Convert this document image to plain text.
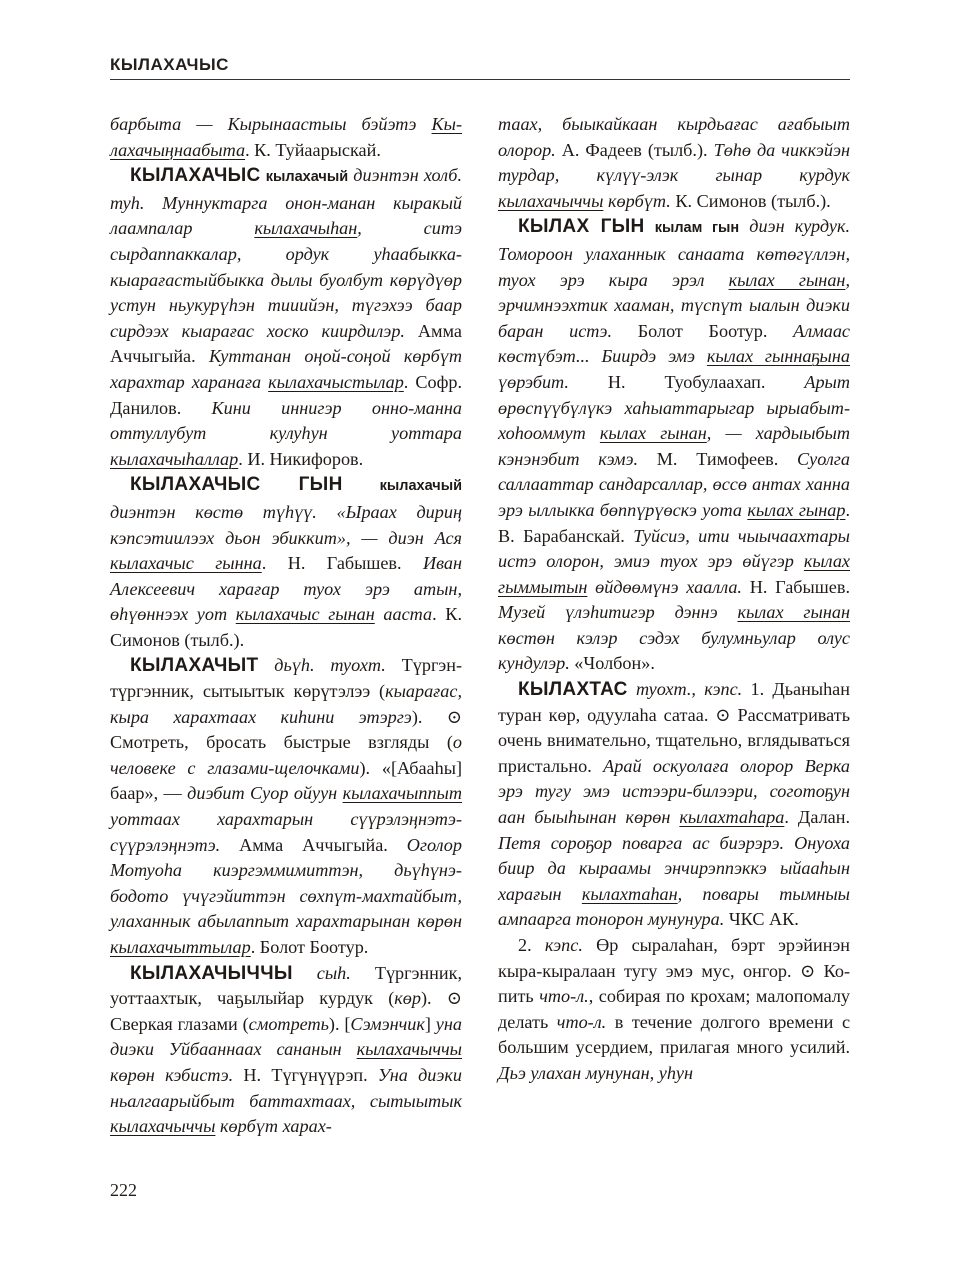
КЫЛАХАЧЫС

барбыта — Кырынаастыы бэйэтэ Кылахачыңнаабыта. К. Туйаарыскай.

КЫЛАХАЧЫС кылахачый диэнтэн холб. туһ. Муннуктарга онон-манан кыракый лаампалар кылахачыһан, ситэ сырдаппаккалар, ордук уһаабыкка-кыарағастыйбыкка дылы буолбут көрүдүөр устун ньукурүһэн тииийэн, түгэхээ баар сирдээх кыарағас хоско киирдилэр. Амма Аччыгыйа. Куттанан оңой-соңой көрбүт харахтар харанаға кылахачыстылар. Софр. Данилов. Кини иннигэр онно-манна оттуллубут кулуһун уоттара кылахачыһаллар. И. Никифоров.

КЫЛАХАЧЫС ГЫН	кылахачый диэнтэн көстө түһүү. «Ыраах дириң кэпсэтиилээх дьон эбиккит», — диэн Ася кылахачыс гынна. Н. Габышев. Иван Алексеевич харағар туох эрэ атын, өһүөннээх уот кылахачыс гынан ааста. К. Симонов (тылб.).

КЫЛАХАЧЫТ дьүһ. туохт. Түргэн-түргэнник, сытыытык көрүтэлээ (кыарағас, кыра харахтаах киһини этэргэ). ⊙ Смотреть, бросать быстрые взгляды (о человеке с глазами-щелочками). «[Абааһы] баар», — диэбит Суор ойуун кылахачыппыт уоттаах харахтарын сүүрэлэңнэтэ-сүүрэлэңнэтэ. Амма Аччыгыйа. Оголор Мотуоһа киэргэммимиттэн, дьүһүнэ-бодото үчүгэйиттэн сөхпүт-махтайбыт, улаханнык абылаппыт харахтарынан көрөн кылахачыттылар. Болот Боотур.

КЫЛАХАЧЫЧЧЫ сыһ. Түргэнник, уоттаахтык, чаҕылыйар курдук (көр). ⊙ Сверкая глазами (смотреть). [Сэмэнчик] уна диэки Уйбааннаах сананын кылахачыччы көрөн кэбистэ. Н. Түгүнүүрэп. Уна диэки ньалгаарыйбыт баттахтаах, сытыытык кылахачыччы көрбүт харах-

таах, быыкайкаан кырдьағас ағабыыт олорор. А. Фадеев (тылб.). Төһө да чиккэйэн турдар, күлүү-элэк гынар курдук кылахачыччы көрбүт. К. Симонов (тылб.).

КЫЛАХ ГЫН кылам гын диэн курдук. Томороон улаханнык санаата көтөгүллэн, туох эрэ кыра эрэл кылах гынан, эрчимнээхтик хааман, түспүт ыалын диэки баран истэ. Болот Боотур. Алмаас көстүбэт... Биирдэ эмэ кылах гыннаҕына үөрэбит. Н. Туобулаахап. Арыт өрөспүүбүлүкэ хаһыаттарыгар ырыабыт-хоһооммут кылах гынан, — хардыыбыт кэнэнэбит кэмэ. М. Тимофеев. Суолга саллааттар сандарсаллар, өссө антах ханна эрэ ыллыкка бөппүрүөскэ уота кылах гынар. В. Барабанскай. Туйсиэ, ити чыычаахтары истэ олорон, эмиэ туох эрэ өйүгэр кылах гыммытын өйдөөмүнэ хаалла. Н. Габышев. Музей үлэһитигэр дэннэ кылах гынан көстөн кэлэр сэдэх булумньулар олус кундулэр. «Чолбон».

КЫЛАХТАС туохт., кэпс. 1. Дьаныһан туран көр, одуулаһа сатаа. ⊙ Рассматривать очень внимательно, тщательно, вглядываться пристально. Арай оскуолаға олорор Верка эрэ тугу эмэ истээри-билээри, соготоҕун аан быыһынан көрөн кылахтаһара. Далан. Петя сороҕор поварга ас биэрэрэ. Онуоха биир да кыраамы энчирэппэккэ ыйааһын харағын кылахтаһан, повары тымныы ампаарга тонорон мунунура. ЧКС АК.

2. кэпс. Өр сыралаһан, бэрт эрэйинэн кыра-кыралаан тугу эмэ мус, онгор. ⊙ Копить что-л., собирая по крохам; малопомалу делать что-л. в течение долгого времени с большим усердием, прилагая много усилий. Дьэ улахан мунунан, уһун

222
